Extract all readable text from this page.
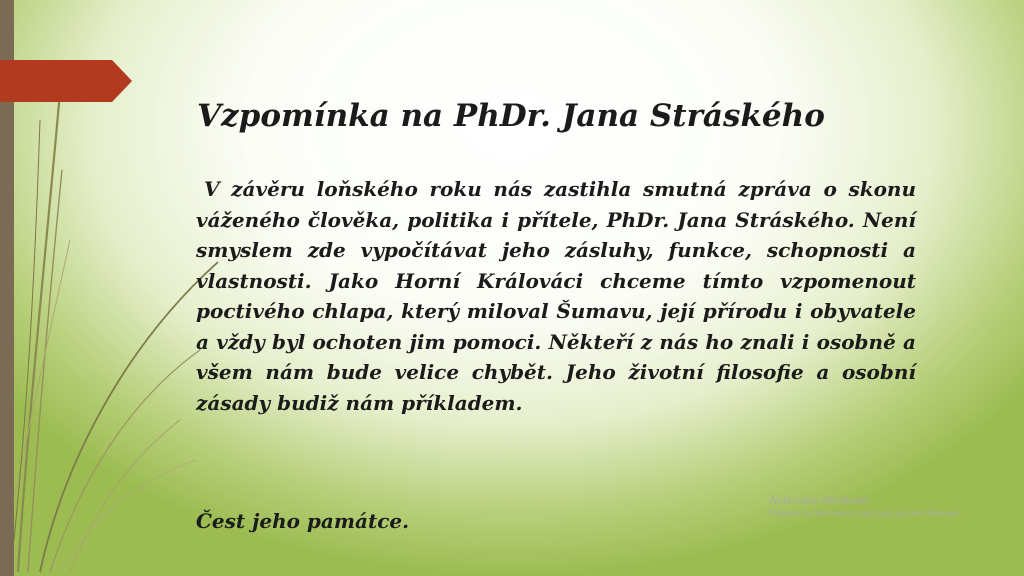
Vzpomínka na PhDr. Jana Stráského

V závěru loňského roku nás zastihla smutná zpráva o skonu váženého člověka, politika i přítele, PhDr. Jana Stráského. Není smyslem zde vypočítávat jeho zásluhy, funkce, schopnosti a vlastnosti. Jako Horní Králováci chceme tímto vzpomenout poctivého chlapa, který miloval Šumavu, její přírodu i obyvatele a vždy byl ochoten jim pomoci. Někteří z nás ho znali i osobně a všem nám bude velice chybět. Jeho životní filosofie a osobní zásady budiž nám příkladem.

Čest jeho památce.

Aktivujte Windows
Přejděte do Nastavení a aktivujte systém Windows.
